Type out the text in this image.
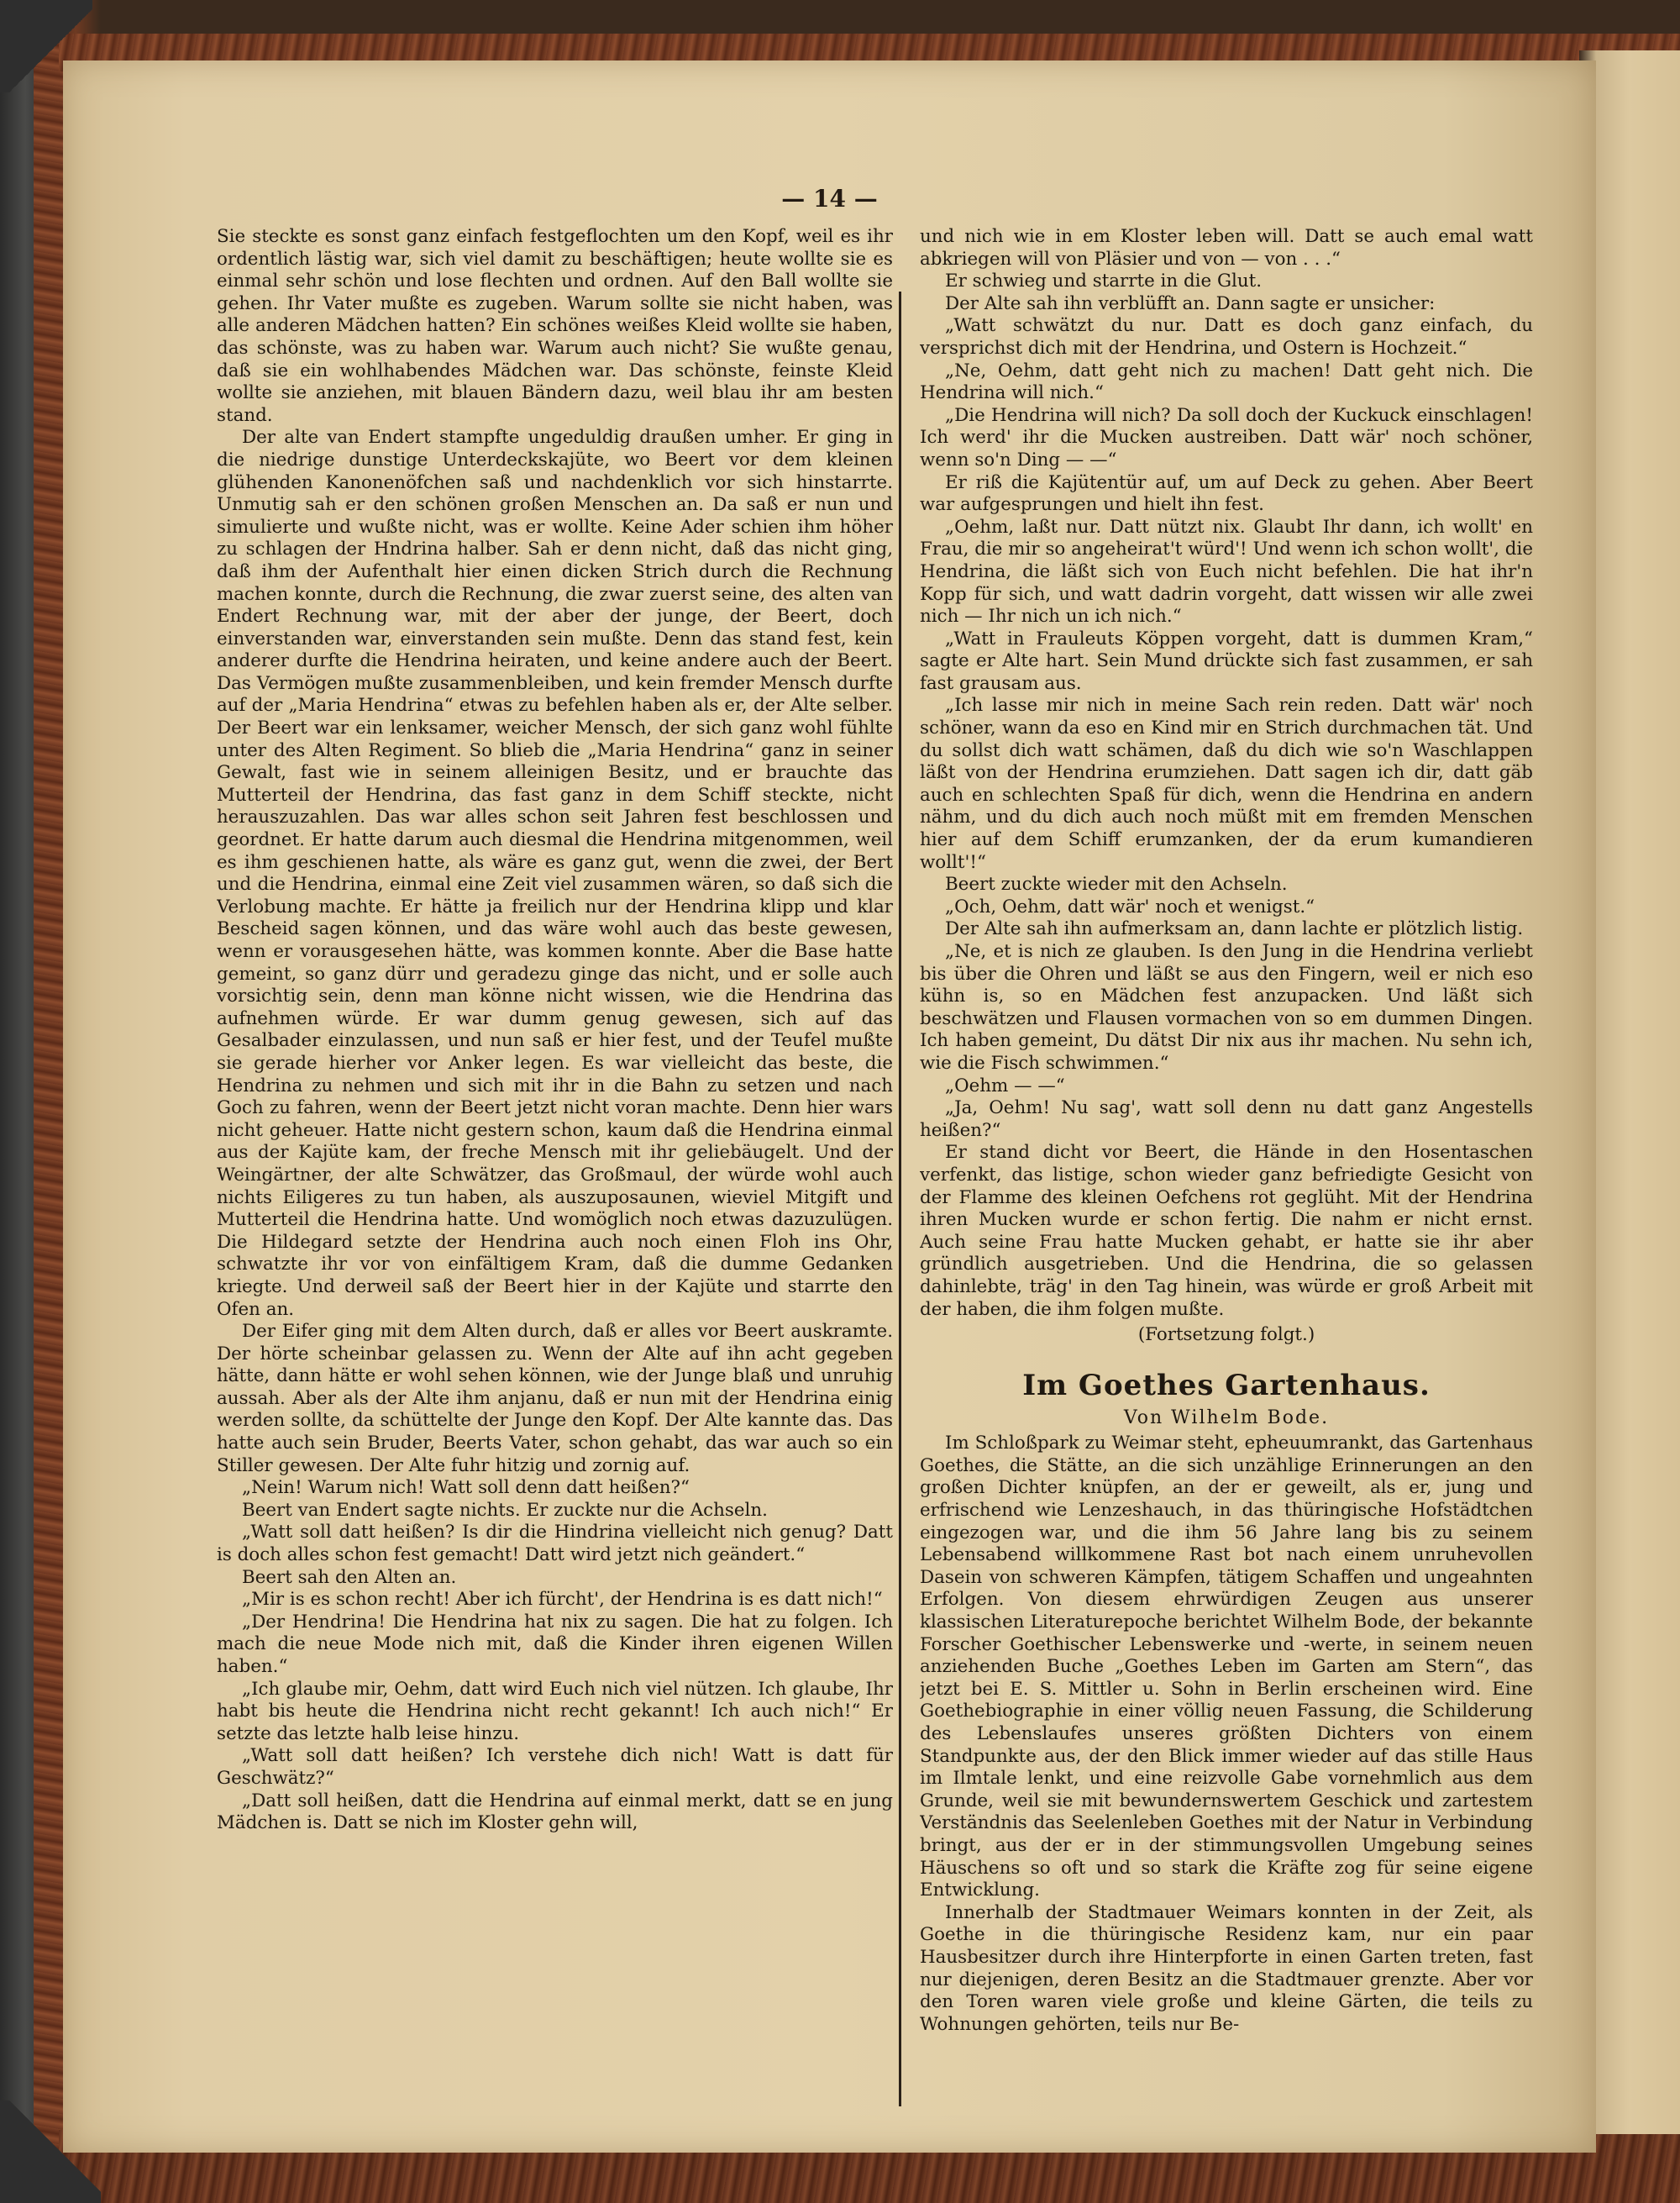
— 14 —

Sie steckte es sonst ganz einfach festgeflochten um den Kopf, weil es ihr ordentlich lästig war, sich viel damit zu beschäftigen; heute wollte sie es einmal sehr schön und lose flechten und ordnen. Auf den Ball wollte sie gehen. Ihr Vater mußte es zugeben. Warum sollte sie nicht haben, was alle anderen Mädchen hatten? Ein schönes weißes Kleid wollte sie haben, das schönste, was zu haben war. Warum auch nicht? Sie wußte genau, daß sie ein wohlhabendes Mädchen war. Das schönste, feinste Kleid wollte sie anziehen, mit blauen Bändern dazu, weil blau ihr am besten stand.

Der alte van Endert stampfte ungeduldig draußen umher. Er ging in die niedrige dunstige Unterdeckskajüte, wo Beert vor dem kleinen glühenden Kanonenöfchen saß und nachdenklich vor sich hinstarrte. Unmutig sah er den schönen großen Menschen an. Da saß er nun und simulierte und wußte nicht, was er wollte. Keine Ader schien ihm höher zu schlagen der Hndrina halber. Sah er denn nicht, daß das nicht ging, daß ihm der Aufenthalt hier einen dicken Strich durch die Rechnung machen konnte, durch die Rechnung, die zwar zuerst seine, des alten van Endert Rechnung war, mit der aber der junge, der Beert, doch einverstanden war, einverstanden sein mußte. Denn das stand fest, kein anderer durfte die Hendrina heiraten, und keine andere auch der Beert. Das Vermögen mußte zusammenbleiben, und kein fremder Mensch durfte auf der „Maria Hendrina“ etwas zu befehlen haben als er, der Alte selber. Der Beert war ein lenksamer, weicher Mensch, der sich ganz wohl fühlte unter des Alten Regiment. So blieb die „Maria Hendrina“ ganz in seiner Gewalt, fast wie in seinem alleinigen Besitz, und er brauchte das Mutterteil der Hendrina, das fast ganz in dem Schiff steckte, nicht herauszuzahlen. Das war alles schon seit Jahren fest beschlossen und geordnet. Er hatte darum auch diesmal die Hendrina mitgenommen, weil es ihm geschienen hatte, als wäre es ganz gut, wenn die zwei, der Bert und die Hendrina, einmal eine Zeit viel zusammen wären, so daß sich die Verlobung machte. Er hätte ja freilich nur der Hendrina klipp und klar Bescheid sagen können, und das wäre wohl auch das beste gewesen, wenn er vorausgesehen hätte, was kommen konnte. Aber die Base hatte gemeint, so ganz dürr und geradezu ginge das nicht, und er solle auch vorsichtig sein, denn man könne nicht wissen, wie die Hendrina das aufnehmen würde. Er war dumm genug gewesen, sich auf das Gesalbader einzulassen, und nun saß er hier fest, und der Teufel mußte sie gerade hierher vor Anker legen. Es war vielleicht das beste, die Hendrina zu nehmen und sich mit ihr in die Bahn zu setzen und nach Goch zu fahren, wenn der Beert jetzt nicht voran machte. Denn hier wars nicht geheuer. Hatte nicht gestern schon, kaum daß die Hendrina einmal aus der Kajüte kam, der freche Mensch mit ihr geliebäugelt. Und der Weingärtner, der alte Schwätzer, das Großmaul, der würde wohl auch nichts Eiligeres zu tun haben, als auszuposaunen, wieviel Mitgift und Mutterteil die Hendrina hatte. Und womöglich noch etwas dazuzulügen. Die Hildegard setzte der Hendrina auch noch einen Floh ins Ohr, schwatzte ihr vor von einfältigem Kram, daß die dumme Gedanken kriegte. Und derweil saß der Beert hier in der Kajüte und starrte den Ofen an.

Der Eifer ging mit dem Alten durch, daß er alles vor Beert auskramte. Der hörte scheinbar gelassen zu. Wenn der Alte auf ihn acht gegeben hätte, dann hätte er wohl sehen können, wie der Junge blaß und unruhig aussah. Aber als der Alte ihm anjanu, daß er nun mit der Hendrina einig werden sollte, da schüttelte der Junge den Kopf. Der Alte kannte das. Das hatte auch sein Bruder, Beerts Vater, schon gehabt, das war auch so ein Stiller gewesen. Der Alte fuhr hitzig und zornig auf.

„Nein! Warum nich! Watt soll denn datt heißen?“

Beert van Endert sagte nichts. Er zuckte nur die Achseln.

„Watt soll datt heißen? Is dir die Hindrina vielleicht nich genug? Datt is doch alles schon fest gemacht! Datt wird jetzt nich geändert.“

Beert sah den Alten an.

„Mir is es schon recht! Aber ich fürcht', der Hendrina is es datt nich!“

„Der Hendrina! Die Hendrina hat nix zu sagen. Die hat zu folgen. Ich mach die neue Mode nich mit, daß die Kinder ihren eigenen Willen haben.“

„Ich glaube mir, Oehm, datt wird Euch nich viel nützen. Ich glaube, Ihr habt bis heute die Hendrina nicht recht gekannt! Ich auch nich!“ Er setzte das letzte halb leise hinzu.

„Watt soll datt heißen? Ich verstehe dich nich! Watt is datt für Geschwätz?“

„Datt soll heißen, datt die Hendrina auf einmal merkt, datt se en jung Mädchen is. Datt se nich im Kloster gehn will,

und nich wie in em Kloster leben will. Datt se auch emal watt abkriegen will von Pläsier und von — von . . .“

Er schwieg und starrte in die Glut.

Der Alte sah ihn verblüfft an. Dann sagte er unsicher:

„Watt schwätzt du nur. Datt es doch ganz einfach, du versprichst dich mit der Hendrina, und Ostern is Hochzeit.“

„Ne, Oehm, datt geht nich zu machen! Datt geht nich. Die Hendrina will nich.“

„Die Hendrina will nich? Da soll doch der Kuckuck einschlagen! Ich werd' ihr die Mucken austreiben. Datt wär' noch schöner, wenn so'n Ding — —“

Er riß die Kajütentür auf, um auf Deck zu gehen. Aber Beert war aufgesprungen und hielt ihn fest.

„Oehm, laßt nur. Datt nützt nix. Glaubt Ihr dann, ich wollt' en Frau, die mir so angeheirat't würd'! Und wenn ich schon wollt', die Hendrina, die läßt sich von Euch nicht befehlen. Die hat ihr'n Kopp für sich, und watt dadrin vorgeht, datt wissen wir alle zwei nich — Ihr nich un ich nich.“

„Watt in Frauleuts Köppen vorgeht, datt is dummen Kram,“ sagte er Alte hart. Sein Mund drückte sich fast zusammen, er sah fast grausam aus.

„Ich lasse mir nich in meine Sach rein reden. Datt wär' noch schöner, wann da eso en Kind mir en Strich durchmachen tät. Und du sollst dich watt schämen, daß du dich wie so'n Waschlappen läßt von der Hendrina erumziehen. Datt sagen ich dir, datt gäb auch en schlechten Spaß für dich, wenn die Hendrina en andern nähm, und du dich auch noch müßt mit em fremden Menschen hier auf dem Schiff erumzanken, der da erum kumandieren wollt'!“

Beert zuckte wieder mit den Achseln.

„Och, Oehm, datt wär' noch et wenigst.“

Der Alte sah ihn aufmerksam an, dann lachte er plötzlich listig.

„Ne, et is nich ze glauben. Is den Jung in die Hendrina verliebt bis über die Ohren und läßt se aus den Fingern, weil er nich eso kühn is, so en Mädchen fest anzupacken. Und läßt sich beschwätzen und Flausen vormachen von so em dummen Dingen. Ich haben gemeint, Du dätst Dir nix aus ihr machen. Nu sehn ich, wie die Fisch schwimmen.“

„Oehm — —“

„Ja, Oehm! Nu sag', watt soll denn nu datt ganz Angestells heißen?“

Er stand dicht vor Beert, die Hände in den Hosentaschen verfenkt, das listige, schon wieder ganz befriedigte Gesicht von der Flamme des kleinen Oefchens rot geglüht. Mit der Hendrina ihren Mucken wurde er schon fertig. Die nahm er nicht ernst. Auch seine Frau hatte Mucken gehabt, er hatte sie ihr aber gründlich ausgetrieben. Und die Hendrina, die so gelassen dahinlebte, träg' in den Tag hinein, was würde er groß Arbeit mit der haben, die ihm folgen mußte.

(Fortsetzung folgt.)

Im Goethes Gartenhaus.
Von Wilhelm Bode.

Im Schloßpark zu Weimar steht, epheuumrankt, das Gartenhaus Goethes, die Stätte, an die sich unzählige Erinnerungen an den großen Dichter knüpfen, an der er geweilt, als er, jung und erfrischend wie Lenzeshauch, in das thüringische Hofstädtchen eingezogen war, und die ihm 56 Jahre lang bis zu seinem Lebensabend willkommene Rast bot nach einem unruhevollen Dasein von schweren Kämpfen, tätigem Schaffen und ungeahnten Erfolgen. Von diesem ehrwürdigen Zeugen aus unserer klassischen Literaturepoche berichtet Wilhelm Bode, der bekannte Forscher Goethischer Lebenswerke und -werte, in seinem neuen anziehenden Buche „Goethes Leben im Garten am Stern“, das jetzt bei E. S. Mittler u. Sohn in Berlin erscheinen wird. Eine Goethebiographie in einer völlig neuen Fassung, die Schilderung des Lebenslaufes unseres größten Dichters von einem Standpunkte aus, der den Blick immer wieder auf das stille Haus im Ilmtale lenkt, und eine reizvolle Gabe vornehmlich aus dem Grunde, weil sie mit bewundernswertem Geschick und zartestem Verständnis das Seelenleben Goethes mit der Natur in Verbindung bringt, aus der er in der stimmungsvollen Umgebung seines Häuschens so oft und so stark die Kräfte zog für seine eigene Entwicklung.

Innerhalb der Stadtmauer Weimars konnten in der Zeit, als Goethe in die thüringische Residenz kam, nur ein paar Hausbesitzer durch ihre Hinterpforte in einen Garten treten, fast nur diejenigen, deren Besitz an die Stadtmauer grenzte. Aber vor den Toren waren viele große und kleine Gärten, die teils zu Wohnungen gehörten, teils nur Be-
